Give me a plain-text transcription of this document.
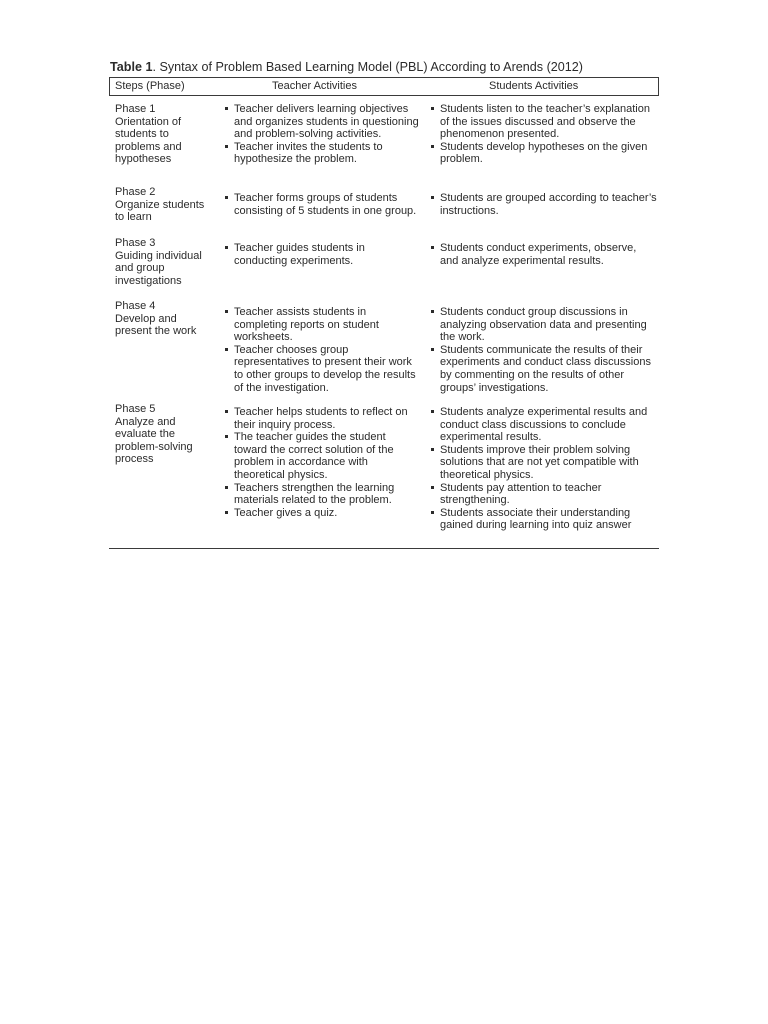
Table 1. Syntax of Problem Based Learning Model (PBL) According to Arends (2012)
Steps (Phase)	Teacher Activities	Students Activities
Phase 1
Orientation of
students to
problems and
hypotheses
Teacher delivers learning objectives and organizes students in questioning and problem-solving activities.
Teacher invites the students to hypothesize the problem.
Students listen to the teacher’s explanation of the issues discussed and observe the phenomenon presented.
Students develop hypotheses on the given problem.
Phase 2
Organize students
to learn
Teacher forms groups of students consisting of 5 students in one group.
Students are grouped according to teacher’s instructions.
Phase 3
Guiding individual
and group
investigations
Teacher guides students in conducting experiments.
Students conduct experiments, observe, and analyze experimental results.
Phase 4
Develop and
present the work
Teacher assists students in completing reports on student worksheets.
Teacher chooses group representatives to present their work to other groups to develop the results of the investigation.
Students conduct group discussions in analyzing observation data and presenting the work.
Students communicate the results of their experiments and conduct class discussions by commenting on the results of other groups’ investigations.
Phase 5
Analyze and
evaluate the
problem-solving
process
Teacher helps students to reflect on their inquiry process.
The teacher guides the student toward the correct solution of the problem in accordance with theoretical physics.
Teachers strengthen the learning materials related to the problem.
Teacher gives a quiz.
Students analyze experimental results and conduct class discussions to conclude experimental results.
Students improve their problem solving solutions that are not yet compatible with theoretical physics.
Students pay attention to teacher strengthening.
Students associate their understanding gained during learning into quiz answer
